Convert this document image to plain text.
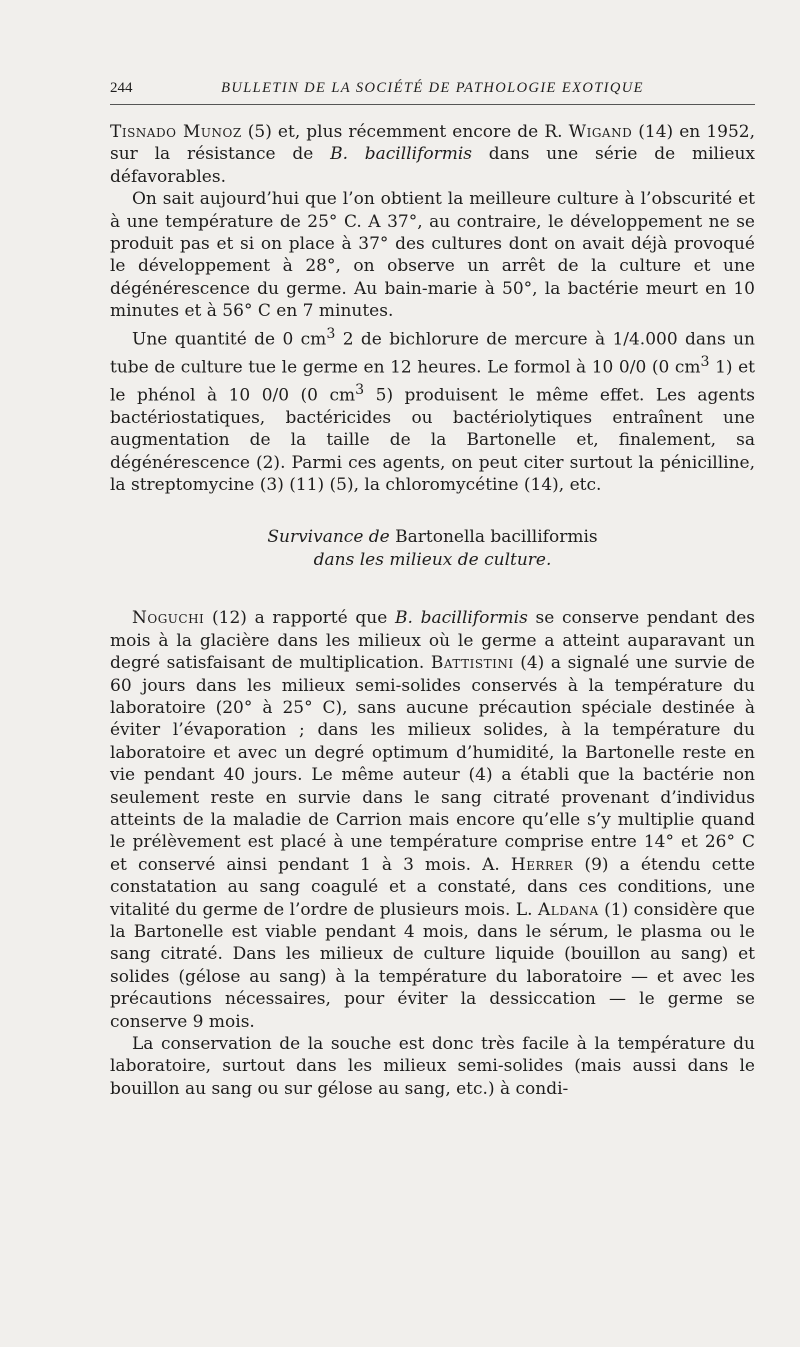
244	BULLETIN DE LA SOCIÉTÉ DE PATHOLOGIE EXOTIQUE

Tisnado Munoz (5) et, plus récemment encore de R. Wigand (14) en 1952, sur la résistance de B. bacilliformis dans une série de milieux défavorables.

On sait aujourd’hui que l’on obtient la meilleure culture à l’obscurité et à une température de 25° C. A 37°, au contraire, le développement ne se produit pas et si on place à 37° des cultures dont on avait déjà provoqué le développement à 28°, on observe un arrêt de la culture et une dégénérescence du germe. Au bain-marie à 50°, la bactérie meurt en 10 minutes et à 56° C en 7 minutes.

Une quantité de 0 $cm^3$ 2 de bichlorure de mercure à 1/4.000 dans un tube de culture tue le germe en 12 heures. Le formol à 10 0/0 (0 $cm^3$ 1) et le phénol à 10 0/0 (0 $cm^3$ 5) produisent le même effet. Les agents bactériostatiques, bactéricides ou bactériolytiques entraînent une augmentation de la taille de la Bartonelle et, finalement, sa dégénérescence (2). Parmi ces agents, on peut citer surtout la pénicilline, la streptomycine (3) (11) (5), la chloromycétine (14), etc.

Survivance de Bartonella bacilliformis

dans les milieux de culture.

Noguchi (12) a rapporté que B. bacilliformis se conserve pendant des mois à la glacière dans les milieux où le germe a atteint auparavant un degré satisfaisant de multiplication. Battistini (4) a signalé une survie de 60 jours dans les milieux semi-solides conservés à la température du laboratoire (20° à 25° C), sans aucune précaution spéciale destinée à éviter l’évaporation ; dans les milieux solides, à la température du laboratoire et avec un degré optimum d’humidité, la Bartonelle reste en vie pendant 40 jours. Le même auteur (4) a établi que la bactérie non seulement reste en survie dans le sang citraté provenant d’individus atteints de la maladie de Carrion mais encore qu’elle s’y multiplie quand le prélèvement est placé à une température comprise entre 14° et 26° C et conservé ainsi pendant 1 à 3 mois. A. Herrer (9) a étendu cette constatation au sang coagulé et a constaté, dans ces conditions, une vitalité du germe de l’ordre de plusieurs mois. L. Aldana (1) considère que la Bartonelle est viable pendant 4 mois, dans le sérum, le plasma ou le sang citraté. Dans les milieux de culture liquide (bouillon au sang) et solides (gélose au sang) à la température du laboratoire — et avec les précautions nécessaires, pour éviter la dessiccation — le germe se conserve 9 mois.

La conservation de la souche est donc très facile à la température du laboratoire, surtout dans les milieux semi-solides (mais aussi dans le bouillon au sang ou sur gélose au sang, etc.) à condi-
